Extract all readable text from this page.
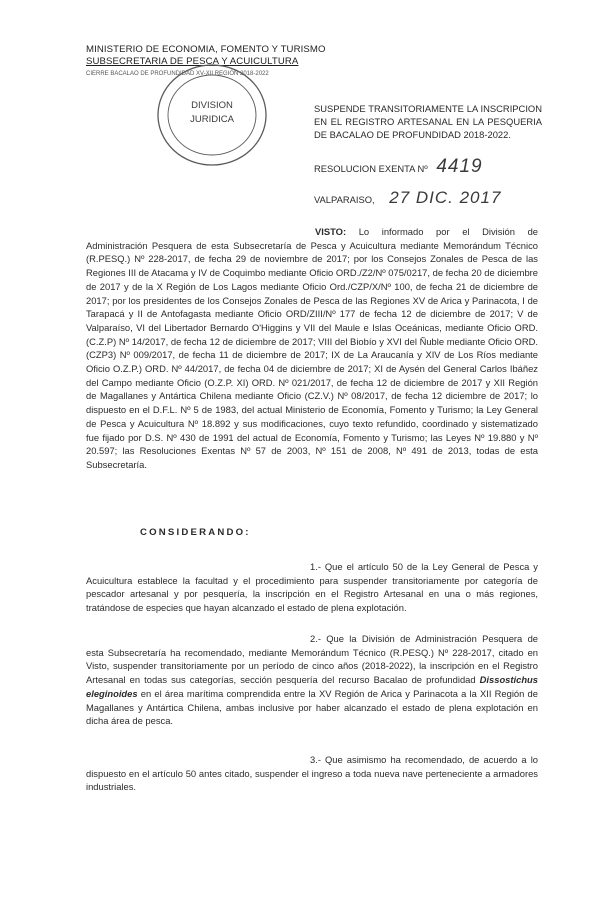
MINISTERIO DE ECONOMIA, FOMENTO Y TURISMO
SUBSECRETARIA DE PESCA Y ACUICULTURA
CIERRE BACALAO DE PROFUNDIDAD XV-XII REGIÓN 2018-2022
DIVISION
JURIDICA
SUSPENDE TRANSITORIAMENTE LA INSCRIPCION EN EL REGISTRO ARTESANAL EN LA PESQUERIA DE BACALAO DE PROFUNDIDAD 2018-2022.
RESOLUCION EXENTA Nº 4419
VALPARAISO, 27 DIC. 2017

VISTO: Lo informado por el División de Administración Pesquera de esta Subsecretaría de Pesca y Acuicultura mediante Memorándum Técnico (R.PESQ.) Nº 228-2017, de fecha 29 de noviembre de 2017; por los Consejos Zonales de Pesca de las Regiones III de Atacama y IV de Coquimbo mediante Oficio ORD./Z2/Nº 075/0217, de fecha 20 de diciembre de 2017 y de la X Región de Los Lagos mediante Oficio Ord./CZP/X/Nº 100, de fecha 21 de diciembre de 2017; por los presidentes de los Consejos Zonales de Pesca de las Regiones XV de Arica y Parinacota, I de Tarapacá y II de Antofagasta mediante Oficio ORD/ZIII/Nº 177 de fecha 12 de diciembre de 2017; V de Valparaíso, VI del Libertador Bernardo O'Higgins y VII del Maule e Islas Oceánicas, mediante Oficio ORD. (C.Z.P) Nº 14/2017, de fecha 12 de diciembre de 2017; VIII del Biobío y XVI del Ñuble mediante Oficio ORD. (CZP3) Nº 009/2017, de fecha 11 de diciembre de 2017; IX de La Araucanía y XIV de Los Ríos mediante Oficio O.Z.P.) ORD. Nº 44/2017, de fecha 04 de diciembre de 2017; XI de Aysén del General Carlos Ibáñez del Campo mediante Oficio (O.Z.P. XI) ORD. Nº 021/2017, de fecha 12 de diciembre de 2017 y XII Región de Magallanes y Antártica Chilena mediante Oficio (CZ.V.) Nº 08/2017, de fecha 12 diciembre de 2017; lo dispuesto en el D.F.L. Nº 5 de 1983, del actual Ministerio de Economía, Fomento y Turismo; la Ley General de Pesca y Acuicultura Nº 18.892 y sus modificaciones, cuyo texto refundido, coordinado y sistematizado fue fijado por D.S. Nº 430 de 1991 del actual de Economía, Fomento y Turismo; las Leyes Nº 19.880 y Nº 20.597; las Resoluciones Exentas Nº 57 de 2003, Nº 151 de 2008, Nº 491 de 2013, todas de esta Subsecretaría.

CONSIDERANDO:

1.- Que el artículo 50 de la Ley General de Pesca y Acuicultura establece la facultad y el procedimiento para suspender transitoriamente por categoría de pescador artesanal y por pesquería, la inscripción en el Registro Artesanal en una o más regiones, tratándose de especies que hayan alcanzado el estado de plena explotación.

2.- Que la División de Administración Pesquera de esta Subsecretaría ha recomendado, mediante Memorándum Técnico (R.PESQ.) Nº 228-2017, citado en Visto, suspender transitoriamente por un período de cinco años (2018-2022), la inscripción en el Registro Artesanal en todas sus categorías, sección pesquería del recurso Bacalao de profundidad Dissostichus eleginoides en el área marítima comprendida entre la XV Región de Arica y Parinacota a la XII Región de Magallanes y Antártica Chilena, ambas inclusive por haber alcanzado el estado de plena explotación en dicha área de pesca.

3.- Que asimismo ha recomendado, de acuerdo a lo dispuesto en el artículo 50 antes citado, suspender el ingreso a toda nueva nave perteneciente a armadores industriales.
